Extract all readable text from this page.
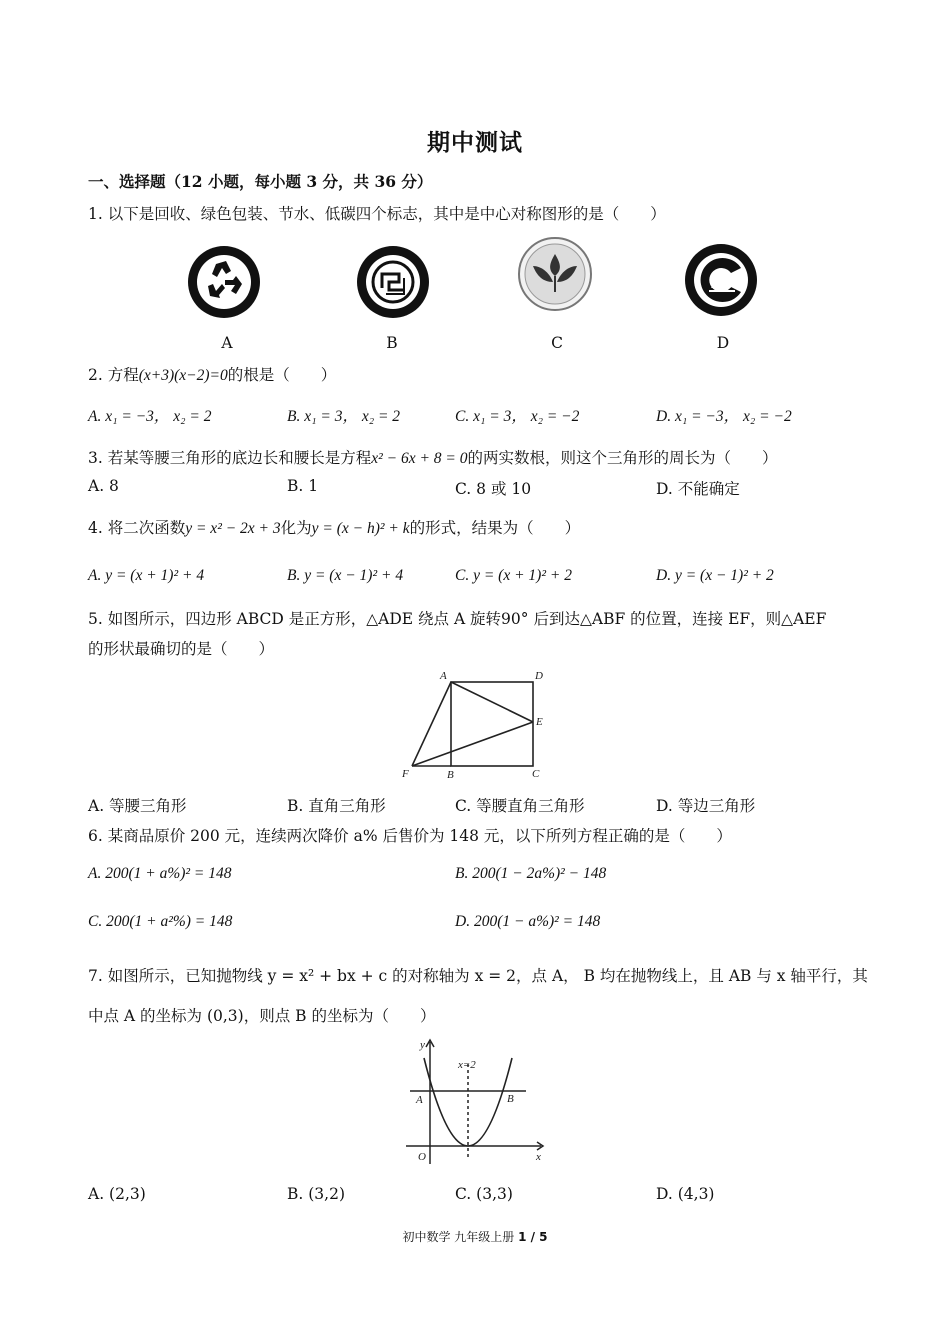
期中测试
一、选择题（12 小题，每小题 3 分，共 36 分）
1. 以下是回收、绿色包装、节水、低碳四个标志，其中是中心对称图形的是（　　）
A	B	C	D
2. 方程(x+3)(x−2)=0的根是（　　）
A. x₁ = −3， x₂ = 2	B. x₁ = 3， x₂ = 2	C. x₁ = 3， x₂ = −2	D. x₁ = −3， x₂ = −2
3. 若某等腰三角形的底边长和腰长是方程x² − 6x + 8 = 0的两实数根，则这个三角形的周长为（　　）
A. 8	B. 1	C. 8 或 10	D. 不能确定
4. 将二次函数y = x² − 2x + 3化为y = (x − h)² + k的形式，结果为（　　）
A. y = (x + 1)² + 4	B. y = (x − 1)² + 4	C. y = (x + 1)² + 2	D. y = (x − 1)² + 2
5. 如图所示，四边形 ABCD 是正方形，△ADE 绕点 A 旋转90° 后到达△ABF 的位置，连接 EF，则△AEF
的形状最确切的是（　　）
A	D
E
C
B
F
A. 等腰三角形	B. 直角三角形	C. 等腰直角三角形	D. 等边三角形
6. 某商品原价 200 元，连续两次降价 a% 后售价为 148 元，以下所列方程正确的是（　　）
A. 200(1 + a%)² = 148	B. 200(1 − 2a%)² − 148
C. 200(1 + a²%) = 148	D. 200(1 − a%)² = 148
7. 如图所示，已知抛物线 y = x² + bx + c 的对称轴为 x = 2，点 A， B 均在抛物线上，且 AB 与 x 轴平行，其
中点 A 的坐标为 (0,3)，则点 B 的坐标为（　　）
y
x
x=2
A	B
O
A. (2,3)	B. (3,2)	C. (3,3)	D. (4,3)
初中数学 九年级上册 1 / 5
